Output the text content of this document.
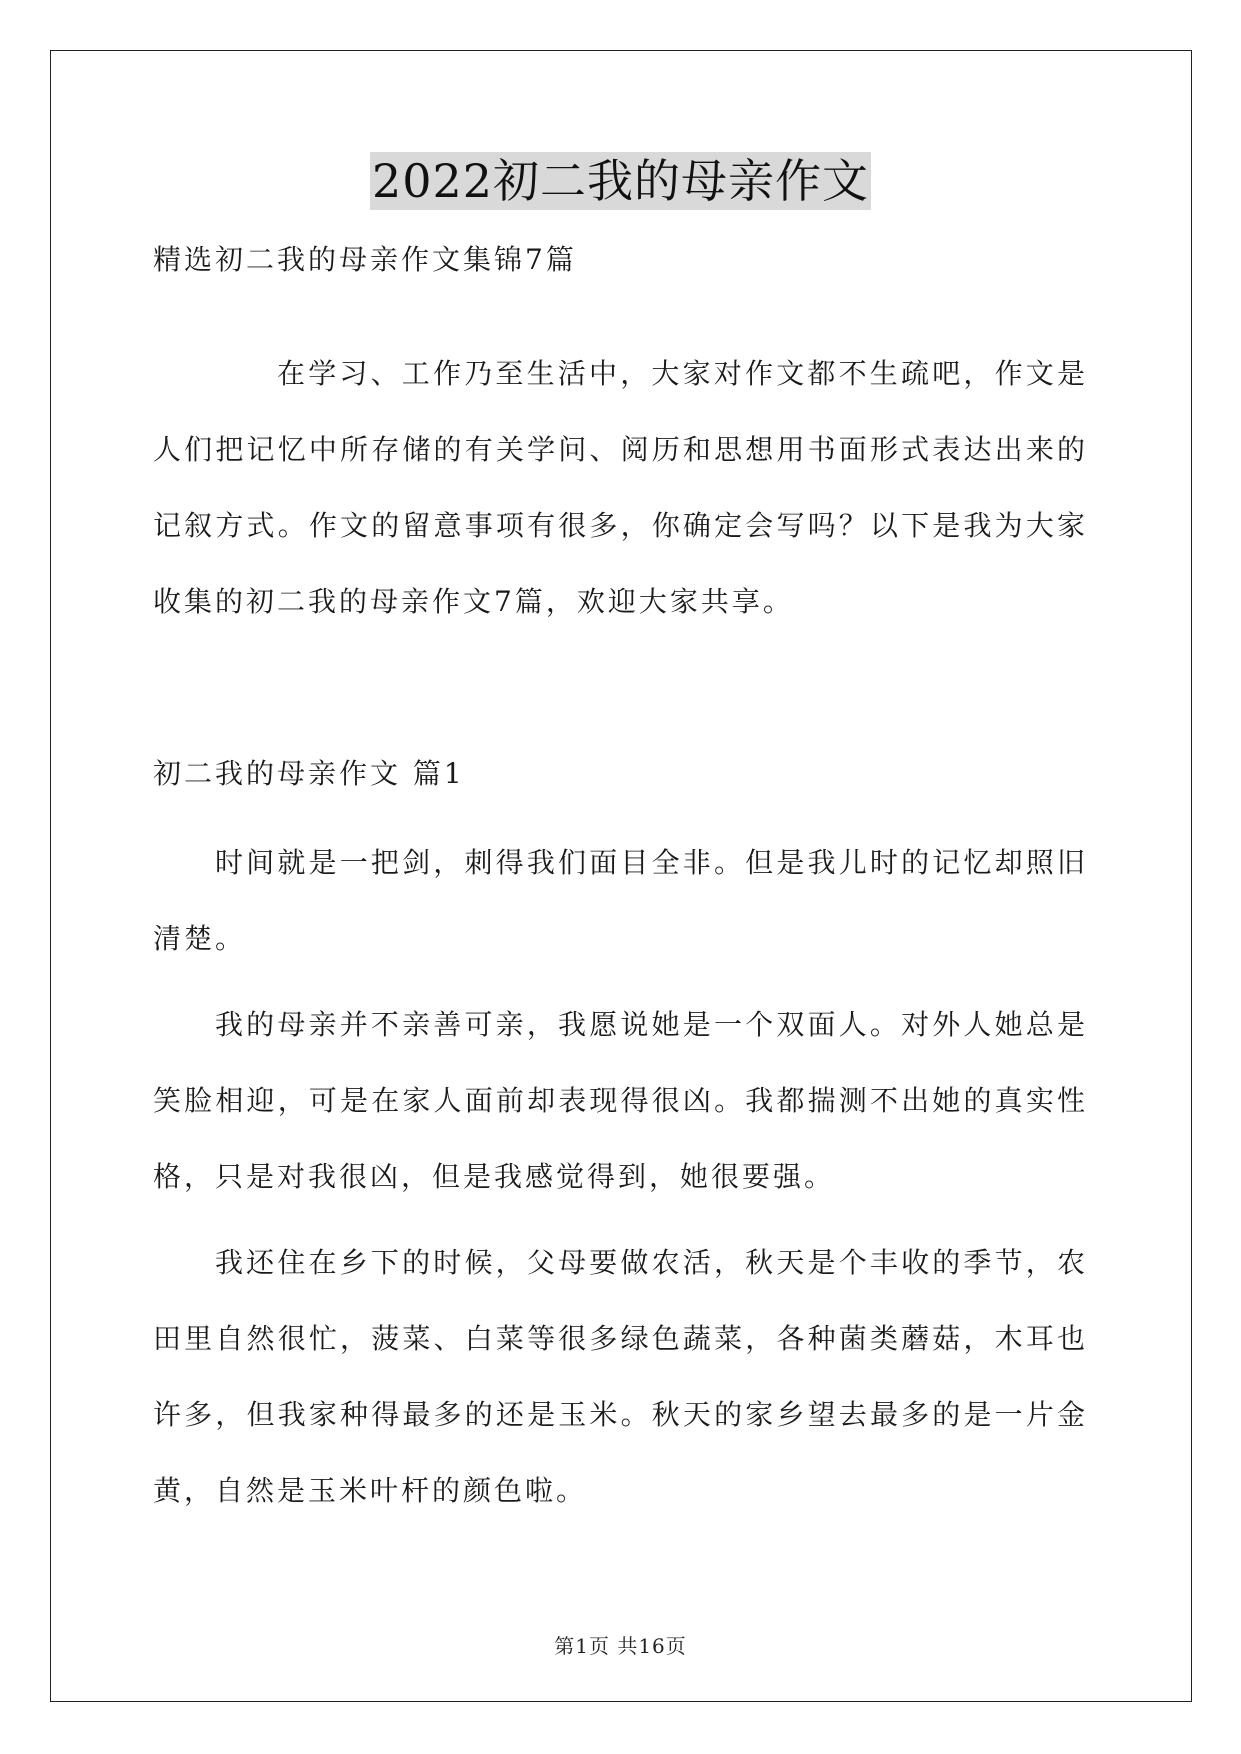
2022初二我的母亲作文
精选初二我的母亲作文集锦7篇

在学习、工作乃至生活中，大家对作文都不生疏吧，作文是人们把记忆中所存储的有关学问、阅历和思想用书面形式表达出来的记叙方式。作文的留意事项有很多，你确定会写吗？以下是我为大家收集的初二我的母亲作文7篇，欢迎大家共享。

初二我的母亲作文 篇1

时间就是一把剑，刺得我们面目全非。但是我儿时的记忆却照旧清楚。

我的母亲并不亲善可亲，我愿说她是一个双面人。对外人她总是笑脸相迎，可是在家人面前却表现得很凶。我都揣测不出她的真实性格，只是对我很凶，但是我感觉得到，她很要强。

我还住在乡下的时候，父母要做农活，秋天是个丰收的季节，农田里自然很忙，菠菜、白菜等很多绿色蔬菜，各种菌类蘑菇，木耳也许多，但我家种得最多的还是玉米。秋天的家乡望去最多的是一片金黄，自然是玉米叶杆的颜色啦。

第1页 共16页
